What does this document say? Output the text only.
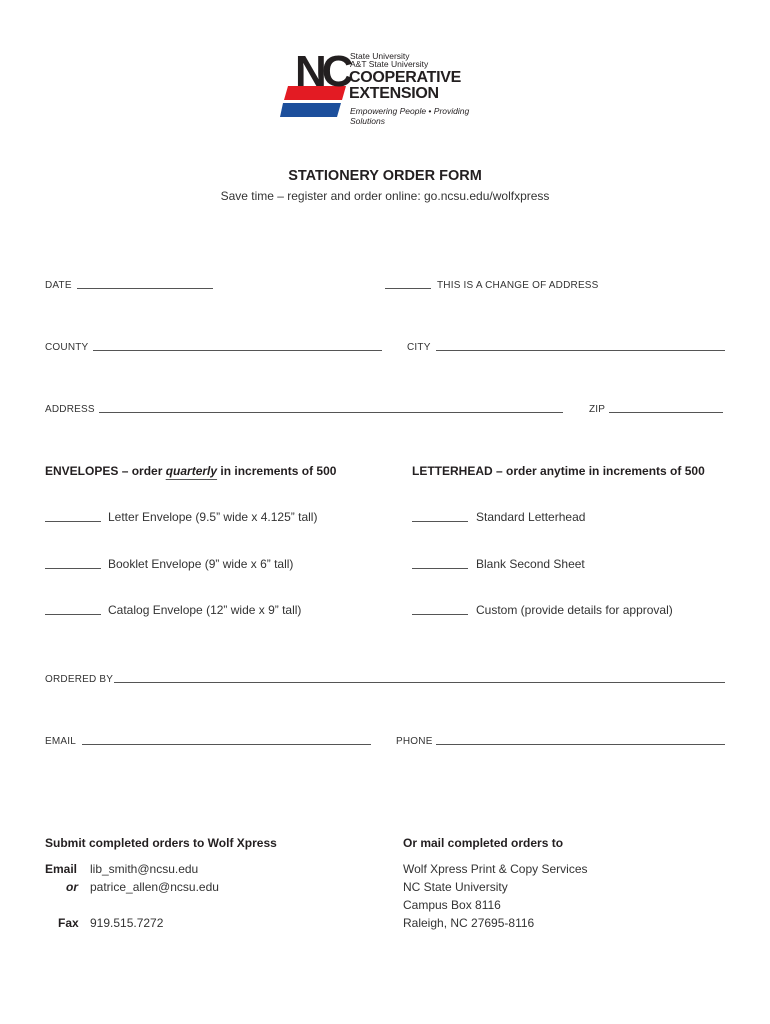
NC State University
A&T State University
COOPERATIVE
EXTENSION
Empowering People • Providing Solutions
STATIONERY ORDER FORM
Save time – register and order online: go.ncsu.edu/wolfxpress
DATE	THIS IS A CHANGE OF ADDRESS
COUNTY	CITY
ADDRESS	ZIP
ENVELOPES – order quarterly in increments of 500	LETTERHEAD – order anytime in increments of 500
Letter Envelope (9.5” wide x 4.125” tall)
Booklet Envelope (9” wide x 6” tall)
Catalog Envelope (12” wide x 9” tall)
Standard Letterhead
Blank Second Sheet
Custom (provide details for approval)
ORDERED BY
EMAIL	PHONE
Submit completed orders to Wolf Xpress
Email lib_smith@ncsu.edu
or patrice_allen@ncsu.edu
Fax 919.515.7272
Or mail completed orders to
Wolf Xpress Print & Copy Services
NC State University
Campus Box 8116
Raleigh, NC 27695-8116
